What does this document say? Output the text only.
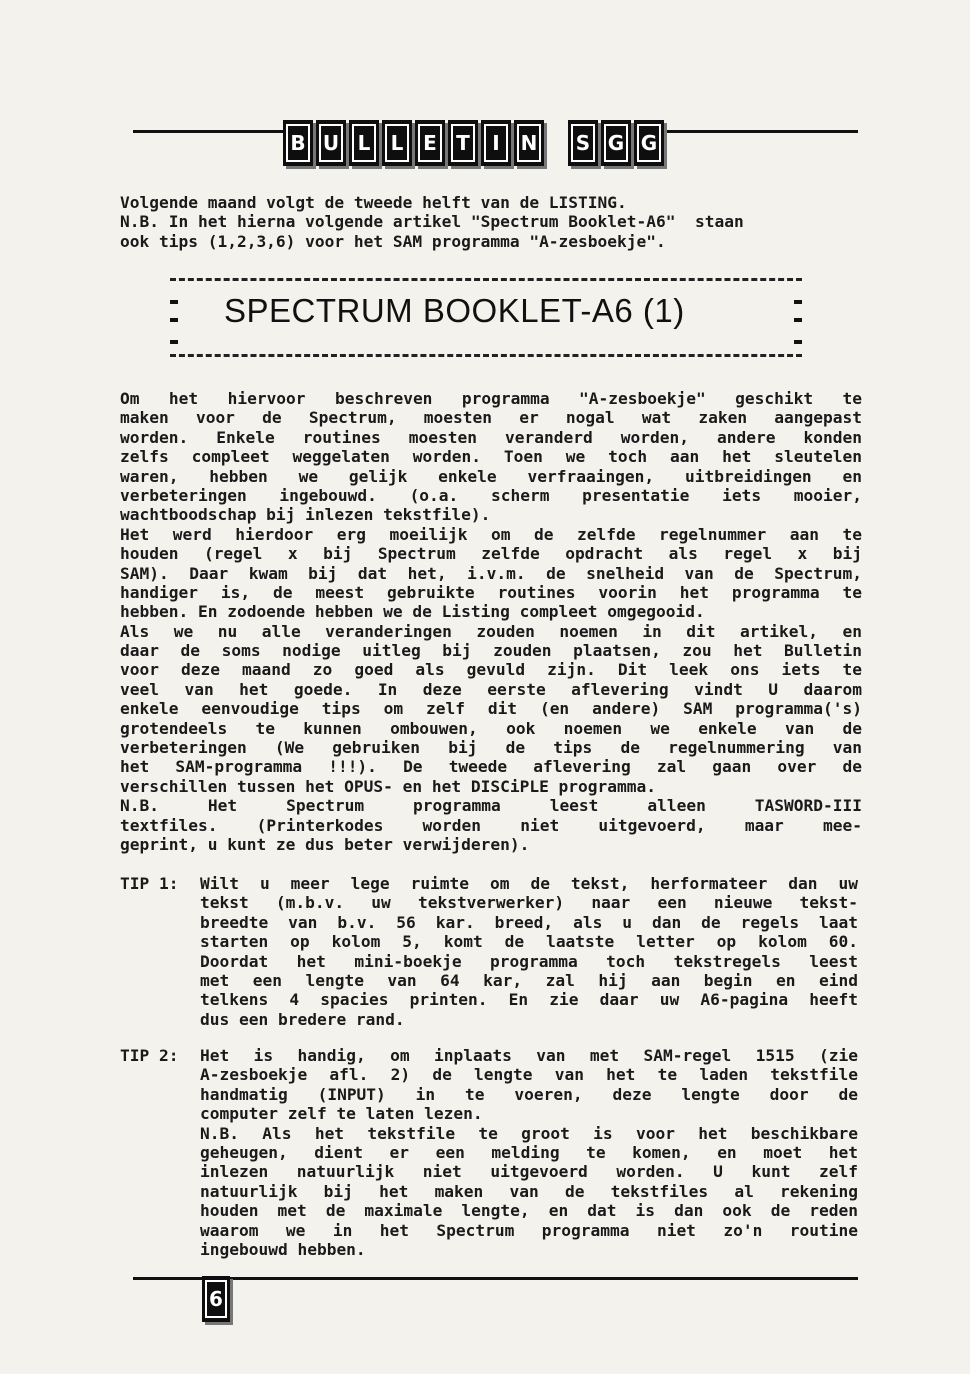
B U L L E T	I	N S G G
Volgende maand volgt de tweede helft van de LISTING.
N.B. In het hierna volgende artikel "Spectrum Booklet-A6"  staan
ook tips (1,2,3,6) voor het SAM programma "A-zesboekje".
SPECTRUM BOOKLET-A6 (1)
Om het hiervoor beschreven programma "A-zesboekje" geschikt te
maken voor de Spectrum, moesten er nogal wat zaken aangepast
worden. Enkele routines moesten veranderd worden, andere konden
zelfs compleet weggelaten worden. Toen we toch aan het sleutelen
waren, hebben we gelijk enkele verfraaingen, uitbreidingen en
verbeteringen ingebouwd. (o.a. scherm presentatie iets mooier,
wachtboodschap bij inlezen tekstfile).
Het werd hierdoor erg moeilijk om de zelfde regelnummer aan te
houden (regel x bij Spectrum zelfde opdracht als regel x bij
SAM). Daar kwam bij dat het, i.v.m. de snelheid van de Spectrum,
handiger is, de meest gebruikte routines voorin het programma te
hebben. En zodoende hebben we de Listing compleet omgegooid.
Als we nu alle veranderingen zouden noemen in dit artikel, en
daar de soms nodige uitleg bij zouden plaatsen, zou het Bulletin
voor deze maand zo goed als gevuld zijn. Dit leek ons iets te
veel van het goede. In deze eerste aflevering vindt U daarom
enkele eenvoudige tips om zelf dit (en andere) SAM programma('s)
grotendeels te kunnen ombouwen, ook noemen we enkele van de
verbeteringen (We gebruiken bij de tips de regelnummering van
het SAM-programma !!!). De tweede aflevering zal gaan over de
verschillen tussen het OPUS- en het DISCiPLE programma.
N.B. Het Spectrum programma leest alleen TASWORD-III
textfiles. (Printerkodes worden niet uitgevoerd, maar mee-
geprint, u kunt ze dus beter verwijderen).
TIP 1: Wilt u meer lege ruimte om de tekst, herformateer dan uw
tekst (m.b.v. uw tekstverwerker) naar een nieuwe tekst-
breedte van b.v. 56 kar. breed, als u dan de regels laat
starten op kolom 5, komt de laatste letter op kolom 60.
Doordat het mini-boekje programma toch tekstregels leest
met een lengte van 64 kar, zal hij aan begin en eind
telkens 4 spacies printen. En zie daar uw A6-pagina heeft
dus een bredere rand.
TIP 2: Het is handig, om inplaats van met SAM-regel 1515 (zie
A-zesboekje afl. 2) de lengte van het te laden tekstfile
handmatig (INPUT) in te voeren, deze lengte door de
computer zelf te laten lezen.
N.B. Als het tekstfile te groot is voor het beschikbare
geheugen, dient er een melding te komen, en moet het
inlezen natuurlijk niet uitgevoerd worden. U kunt zelf
natuurlijk bij het maken van de tekstfiles al rekening
houden met de maximale lengte, en dat is dan ook de reden
waarom we in het Spectrum programma niet zo'n routine
ingebouwd hebben.
6
